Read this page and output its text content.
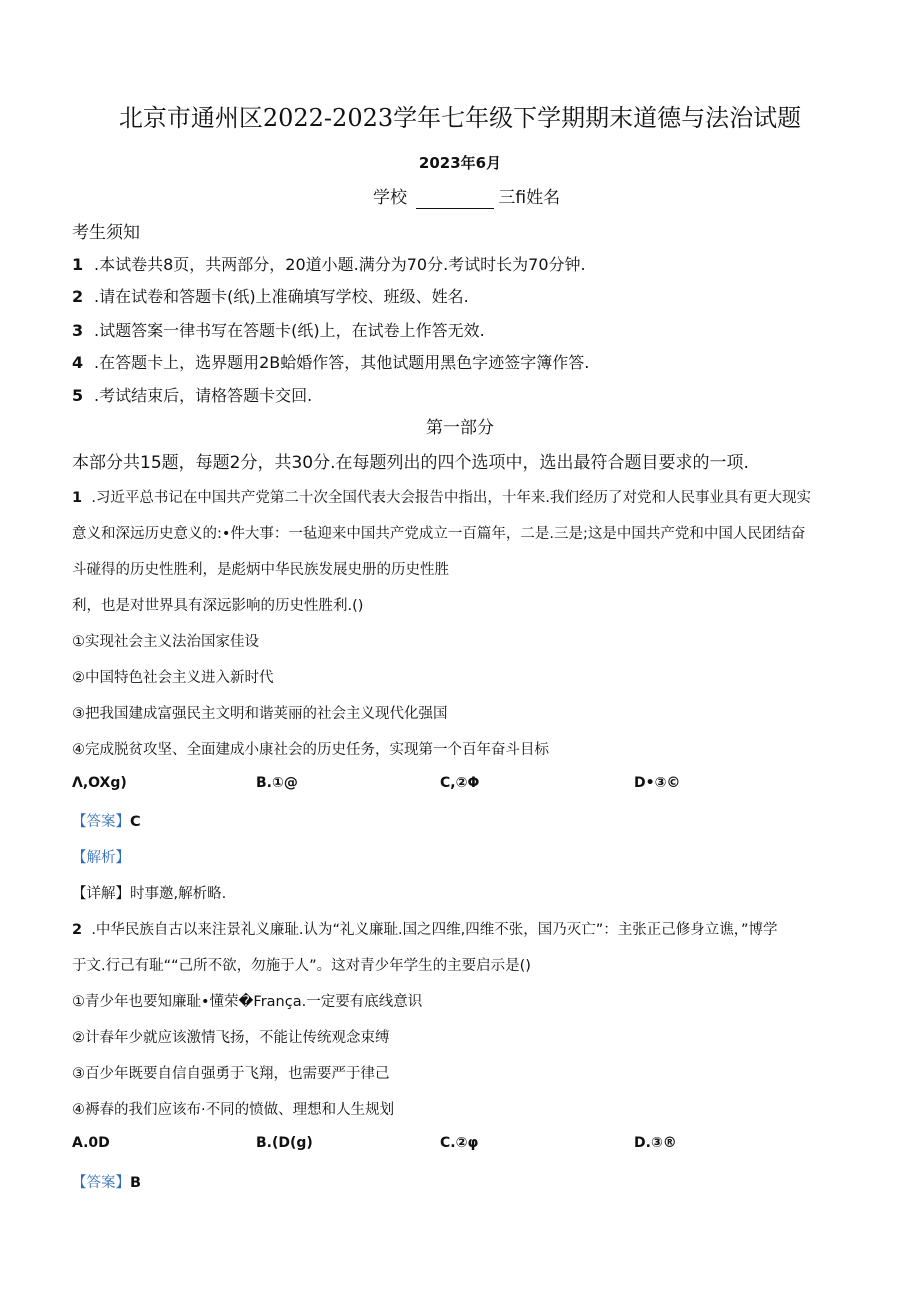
北京市通州区2022-2023学年七年级下学期期末道德与法治试题
2023年6月
学校	三fi姓名
考生须知
1 .本试卷共8页，共两部分，20道小题.满分为70分.考试时长为70分钟.
2 .请在试卷和答题卡(纸)上准确填写学校、班级、姓名.
3 .试题答案一律书写在答题卡(纸)上，在试卷上作答无效.
4 .在答题卡上，选界题用2B蛤婚作答，其他试题用黑色字迹签字簿作答.
5 .考试结束后，请格答题卡交回.
第一部分
本部分共15题，每题2分，共30分.在每题列出的四个选项中，选出最符合题目要求的一项.
1 .习近平总书记在中国共产党第二十次全国代表大会报告中指出，十年来.我们经历了对党和人民事业具有更大现实
意义和深远历史意义的:•件大事：一毡迎来中国共产党成立一百篇年，二是.三是;这是中国共产党和中国人民团结奋
斗碰得的历史性胜利，是彪炳中华民族发展史册的历史性胜
利，也是对世界具有深远影响的历史性胜利.()
①实现社会主义法治国家佳设
②中国特色社会主义进入新时代
③把我国建成富强民主文明和谐荚丽的社会主义现代化强国
④完成脱贫攻坚、全面建成小康社会的历史任务，实现第一个百年奋斗目标
Λ,OXg)	B.①@	C,②Φ	D•③©
【答案】C
【解析】
【详解】时事邀,解析略.
2 .中华民族自古以来注景礼义廉耻.认为“礼义廉耻.国之四维,四维不张，国乃灭亡”：主张正己修身立谯，”博学
于文.行己有耻““己所不欲，勿施于人”。这对青少年学生的主要启示是()
①青少年也要知廉耻•懂荣�França.一定要有底线意识
②计春年少就应该激情飞扬，不能让传统观念束缚
③百少年既要自信自强勇于飞翔，也需要严于律己
④褥春的我们应该布·不同的愤做、理想和人生规划
A.0D	B.(D(g)	C.②φ	D.③®
【答案】B
